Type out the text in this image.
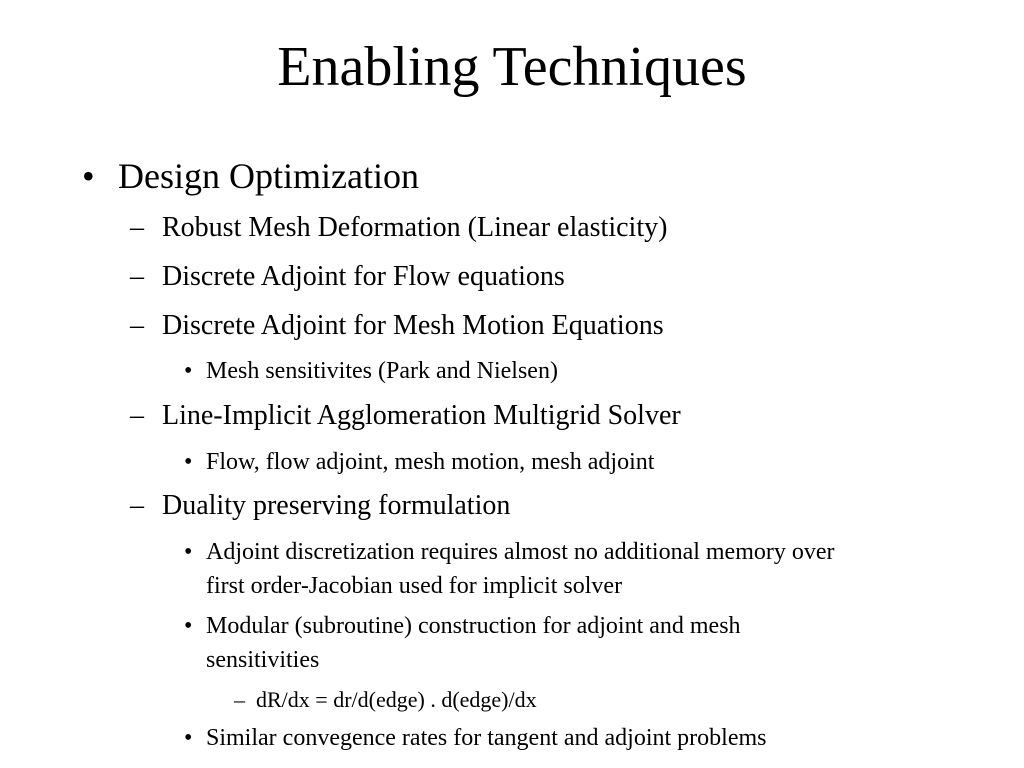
Enabling Techniques
• Design Optimization
– Robust Mesh Deformation (Linear elasticity)
– Discrete Adjoint for Flow equations
– Discrete Adjoint for Mesh Motion Equations
• Mesh sensitivites (Park and Nielsen)
– Line-Implicit Agglomeration Multigrid Solver
• Flow, flow adjoint, mesh motion, mesh adjoint
– Duality preserving formulation
• Adjoint discretization requires almost no additional memory over
first order-Jacobian used for implicit solver
• Modular (subroutine) construction for adjoint and mesh
sensitivities
– dR/dx = dr/d(edge) . d(edge)/dx
• Similar convegence rates for tangent and adjoint problems
